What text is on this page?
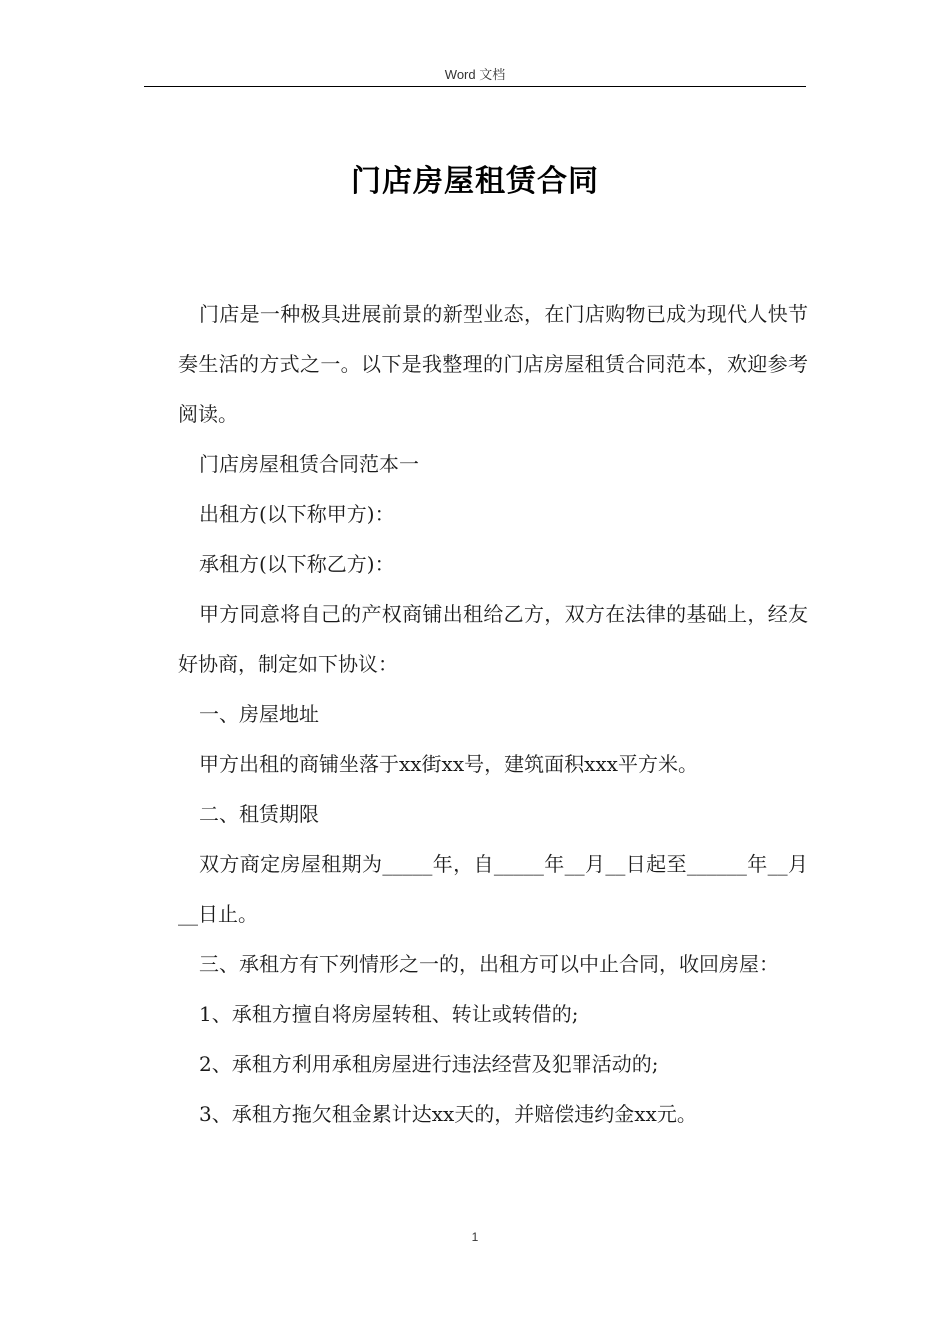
Word 文档
门店房屋租赁合同

门店是一种极具进展前景的新型业态，在门店购物已成为现代人快节奏生活的方式之一。以下是我整理的门店房屋租赁合同范本，欢迎参考阅读。

门店房屋租赁合同范本一

出租方(以下称甲方)：

承租方(以下称乙方)：

甲方同意将自己的产权商铺出租给乙方，双方在法律的基础上，经友好协商，制定如下协议：

一、房屋地址

甲方出租的商铺坐落于xx街xx号，建筑面积xxx平方米。

二、租赁期限

双方商定房屋租期为_____年，自_____年__月__日起至______年__月__日止。

三、承租方有下列情形之一的，出租方可以中止合同，收回房屋：

1、承租方擅自将房屋转租、转让或转借的;

2、承租方利用承租房屋进行违法经营及犯罪活动的;

3、承租方拖欠租金累计达xx天的，并赔偿违约金xx元。

1
